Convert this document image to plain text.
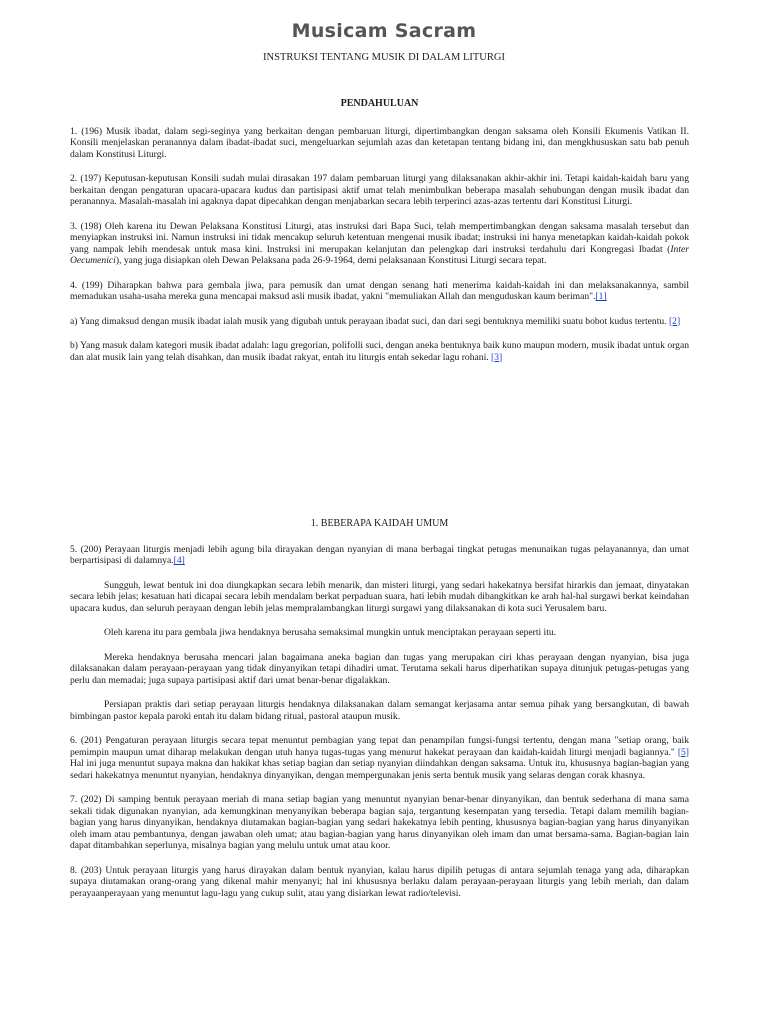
Musicam Sacram
INSTRUKSI TENTANG MUSIK DI DALAM LITURGI
PENDAHULUAN

1. (196) Musik ibadat, dalam segi-seginya yang berkaitan dengan pembaruan liturgi, dipertimbangkan dengan saksama oleh Konsili Ekumenis Vatikan II. Konsili menjelaskan peranannya dalam ibadat-ibadat suci, mengeluarkan sejumlah azas dan ketetapan tentang bidang ini, dan mengkhususkan satu bab penuh dalam Konstitusi Liturgi.

2. (197) Keputusan-keputusan Konsili sudah mulai dirasakan 197 dalam pembaruan liturgi yang dilaksanakan akhir-akhir ini. Tetapi kaidah-kaidah baru yang berkaitan dengan pengaturan upacara-upacara kudus dan partisipasi aktif umat telah menimbulkan beberapa masalah sehubungan dengan musik ibadat dan peranannya. Masalah-masalah ini agaknya dapat dipecahkan dengan menjabarkan secara lebih terperinci azas-azas tertentu dari Konstitusi Liturgi.

3. (198) Oleh karena itu Dewan Pelaksana Konstitusi Liturgi, atas instruksi dari Bapa Suci, telah mempertimbangkan dengan saksama masalah tersebut dan menyiapkan instruksi ini. Namun instruksi ini tidak mencakup seluruh ketentuan mengenai musik ibadat; instruksi ini hanya menetapkan kaidah-kaidah pokok yang nampak lebih mendesak untuk masa kini. Instruksi ini merupakan kelanjutan dan pelengkap dari instruksi terdahulu dari Kongregasi Ibadat (Inter Oecumenici), yang juga disiapkan oleh Dewan Pelaksana pada 26-9-1964, demi pelaksanaan Konstitusi Liturgi secara tepat.

4. (199) Diharapkan bahwa para gembala jiwa, para pemusik dan umat dengan senang hati menerima kaidah-kaidah ini dan melaksanakannya, sambil memadukan usaha-usaha mereka guna mencapai maksud asli musik ibadat, yakni "memuliakan Allah dan menguduskan kaum beriman".[1]

a) Yang dimaksud dengan musik ibadat ialah musik yang digubah untuk perayaan ibadat suci, dan dari segi bentuknya memiliki suatu bobot kudus tertentu. [2]

b) Yang masuk dalam kategori musik ibadat adalah: lagu gregorian, polifolli suci, dengan aneka bentuknya baik kuno maupun modern, musik ibadat untuk organ dan alat musik lain yang telah disahkan, dan musik ibadat rakyat, entah itu liturgis entah sekedar lagu rohani. [3]

1. BEBERAPA KAIDAH UMUM

5. (200) Perayaan liturgis menjadi lebih agung bila dirayakan dengan nyanyian di mana berbagai tingkat petugas menunaikan tugas pelayanannya, dan umat berpartisipasi di dalamnya.[4]

Sungguh, lewat bentuk ini doa diungkapkan secara lebih menarik, dan misteri liturgi, yang sedari hakekatnya bersifat hirarkis dan jemaat, dinyatakan secara lebih jelas; kesatuan hati dicapai secara lebih mendalam berkat perpaduan suara, hati lebih mudah dibangkitkan ke arah hal-hal surgawi berkat keindahan upacara kudus, dan seluruh perayaan dengan lebih jelas mempralambangkan liturgi surgawi yang dilaksanakan di kota suci Yerusalem baru.

Oleh karena itu para gembala jiwa hendaknya berusaha semaksimal mungkin untuk menciptakan perayaan seperti itu.

Mereka hendaknya berusaha mencari jalan bagaimana aneka bagian dan tugas yang merupakan ciri khas perayaan dengan nyanyian, bisa juga dilaksanakan dalam perayaan-perayaan yang tidak dinyanyikan tetapi dihadiri umat. Terutama sekali harus diperhatikan supaya ditunjuk petugas-petugas yang perlu dan memadai; juga supaya partisipasi aktif dari umat benar-benar digalakkan.

Persiapan praktis dari setiap perayaan liturgis hendaknya dilaksanakan dalam semangat kerjasama antar semua pihak yang bersangkutan, di bawah bimbingan pastor kepala paroki entah itu dalam bidang ritual, pastoral ataupun musik.

6. (201) Pengaturan perayaan liturgis secara tepat menuntut pembagian yang tepat dan penampilan fungsi-fungsi tertentu, dengan mana "setiap orang, baik pemimpin maupun umat diharap melakukan dengan utuh hanya tugas-tugas yang menurut hakekat perayaan dan kaidah-kaidah liturgi menjadi bagiannya." [5] Hal ini juga menuntut supaya makna dan hakikat khas setiap bagian dan setiap nyanyian diindahkan dengan saksama. Untuk itu, khususnya bagian-bagian yang sedari hakekatnya menuntut nyanyian, hendaknya dinyanyikan, dengan mempergunakan jenis serta bentuk musik yang selaras dengan corak khasnya.

7. (202) Di samping bentuk perayaan meriah di mana setiap bagian yang menuntut nyanyian benar-benar dinyanyikan, dan bentuk sederhana di mana sama sekali tidak digunakan nyanyian, ada kemungkinan menyanyikan beberapa bagian saja, tergantung kesempatan yang tersedia. Tetapi dalam memilih bagian-bagian yang harus dinyanyikan, hendaknya diutamakan bagian-bagian yang sedari hakekatnya lebih penting, khususnya bagian-bagian yang harus dinyanyikan oleh imam atau pembantunya, dengan jawaban oleh umat; atau bagian-bagian yang harus dinyanyikan oleh imam dan umat bersama-sama. Bagian-bagian lain dapat ditambahkan seperlunya, misalnya bagian yang melulu untuk umat atau koor.

8. (203) Untuk perayaan liturgis yang harus dirayakan dalam bentuk nyanyian, kalau harus dipilih petugas di antara sejumlah tenaga yang ada, diharapkan supaya diutamakan orang-orang yang dikenal mahir menyanyi; hal ini khususnya berlaku dalam perayaan-perayaan liturgis yang lebih meriah, dan dalam perayaanperayaan yang menuntut lagu-lagu yang cukup sulit, atau yang disiarkan lewat radio/televisi.
